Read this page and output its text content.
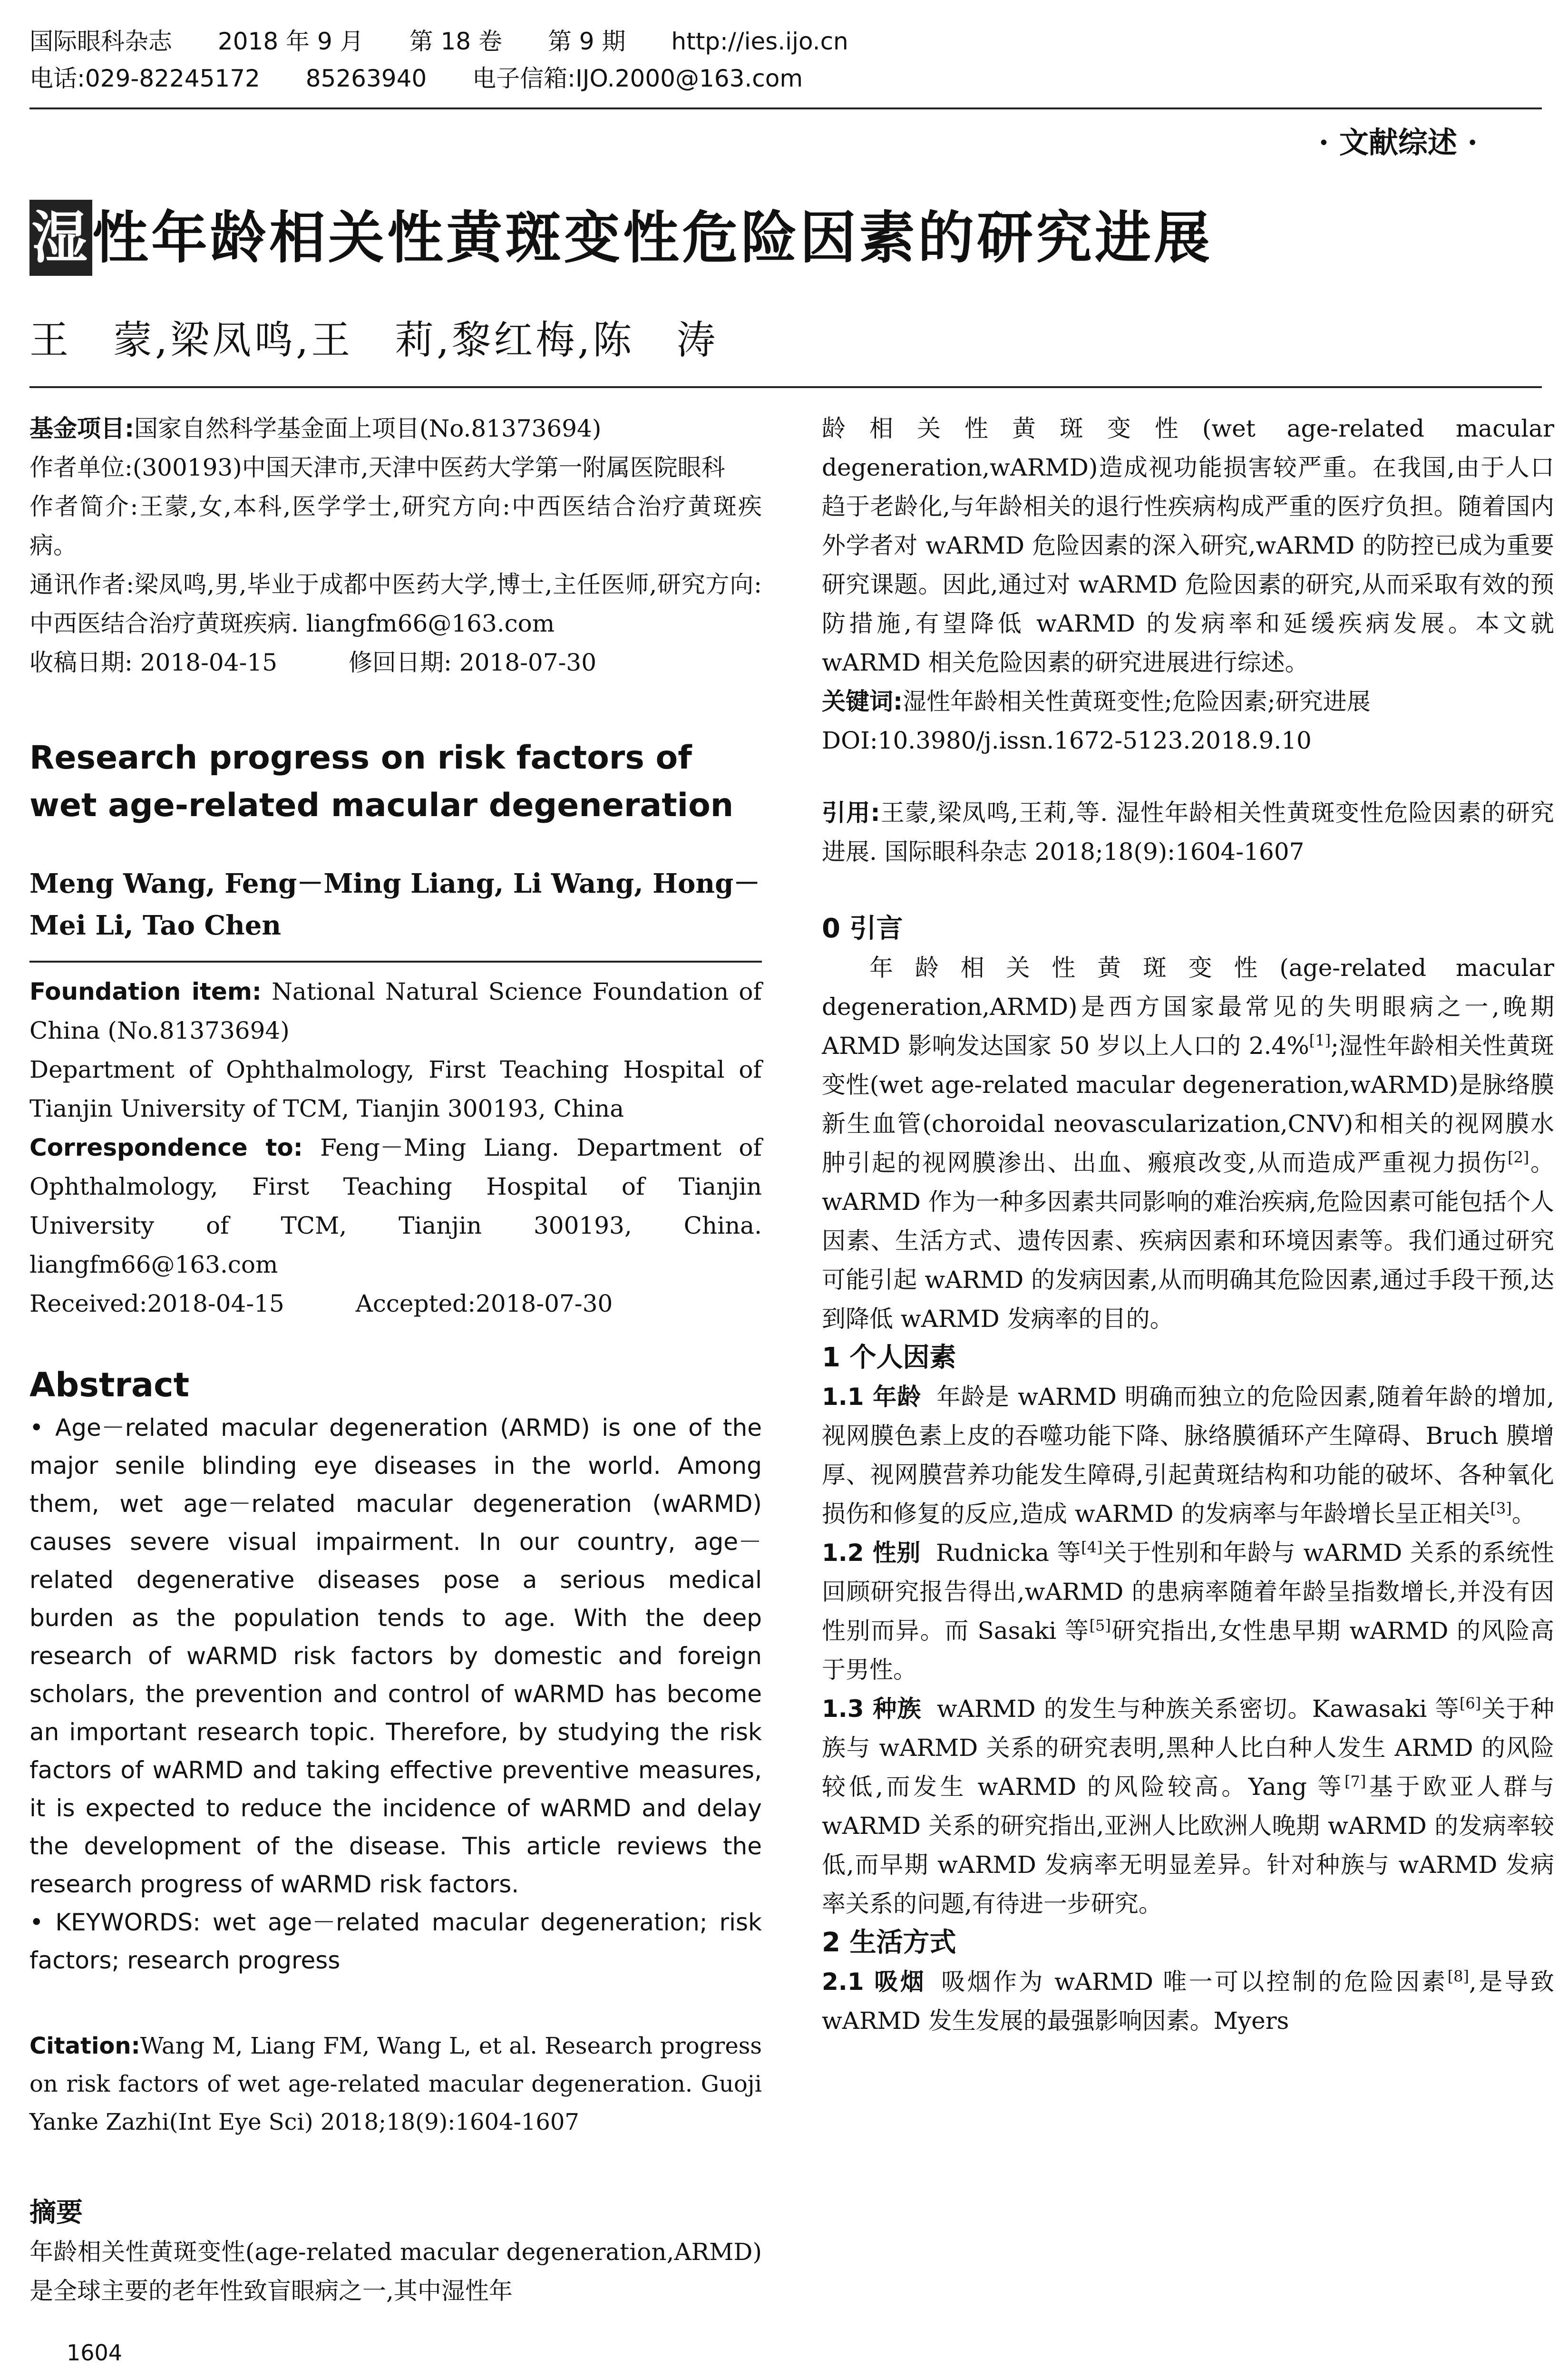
国际眼科杂志 2018 年 9 月 第 18 卷 第 9 期 http://ies.ijo.cn
电话:029-82245172 85263940 电子信箱:IJO.2000@163.com
· 文献综述 ·
湿性年龄相关性黄斑变性危险因素的研究进展
王　蒙,梁凤鸣,王　莉,黎红梅,陈　涛

基金项目:国家自然科学基金面上项目(No.81373694)

作者单位:(300193)中国天津市,天津中医药大学第一附属医院眼科

作者简介:王蒙,女,本科,医学学士,研究方向:中西医结合治疗黄斑疾病。

通讯作者:梁凤鸣,男,毕业于成都中医药大学,博士,主任医师,研究方向:中西医结合治疗黄斑疾病. liangfm66@163.com

收稿日期: 2018-04-15　　　修回日期: 2018-07-30

Research progress on risk factors of wet age-related macular degeneration

Meng Wang, Feng－Ming Liang, Li Wang, Hong－Mei Li, Tao Chen

Foundation item: National Natural Science Foundation of China (No.81373694)

Department of Ophthalmology, First Teaching Hospital of Tianjin University of TCM, Tianjin 300193, China

Correspondence to: Feng－Ming Liang. Department of Ophthalmology, First Teaching Hospital of Tianjin University of TCM, Tianjin 300193, China. liangfm66@163.com

Received:2018-04-15　　　Accepted:2018-07-30

Abstract

• Age－related macular degeneration (ARMD) is one of the major senile blinding eye diseases in the world. Among them, wet age－related macular degeneration (wARMD) causes severe visual impairment. In our country, age－related degenerative diseases pose a serious medical burden as the population tends to age. With the deep research of wARMD risk factors by domestic and foreign scholars, the prevention and control of wARMD has become an important research topic. Therefore, by studying the risk factors of wARMD and taking effective preventive measures, it is expected to reduce the incidence of wARMD and delay the development of the disease. This article reviews the research progress of wARMD risk factors.

• KEYWORDS: wet age－related macular degeneration; risk factors; research progress

Citation:Wang M, Liang FM, Wang L, et al. Research progress on risk factors of wet age-related macular degeneration. Guoji Yanke Zazhi(Int Eye Sci) 2018;18(9):1604-1607

摘要

年龄相关性黄斑变性(age-related macular degeneration,ARMD)是全球主要的老年性致盲眼病之一,其中湿性年

龄相关性黄斑变性(wet age-related macular degeneration,wARMD)造成视功能损害较严重。在我国,由于人口趋于老龄化,与年龄相关的退行性疾病构成严重的医疗负担。随着国内外学者对 wARMD 危险因素的深入研究,wARMD 的防控已成为重要研究课题。因此,通过对 wARMD 危险因素的研究,从而采取有效的预防措施,有望降低 wARMD 的发病率和延缓疾病发展。本文就 wARMD 相关危险因素的研究进展进行综述。

关键词:湿性年龄相关性黄斑变性;危险因素;研究进展

DOI:10.3980/j.issn.1672-5123.2018.9.10

引用:王蒙,梁凤鸣,王莉,等. 湿性年龄相关性黄斑变性危险因素的研究进展. 国际眼科杂志 2018;18(9):1604-1607

0 引言

年龄相关性黄斑变性(age-related macular degeneration,ARMD)是西方国家最常见的失明眼病之一,晚期 ARMD 影响发达国家 50 岁以上人口的 2.4%[1];湿性年龄相关性黄斑变性(wet age-related macular degeneration,wARMD)是脉络膜新生血管(choroidal neovascularization,CNV)和相关的视网膜水肿引起的视网膜渗出、出血、瘢痕改变,从而造成严重视力损伤[2]。wARMD 作为一种多因素共同影响的难治疾病,危险因素可能包括个人因素、生活方式、遗传因素、疾病因素和环境因素等。我们通过研究可能引起 wARMD 的发病因素,从而明确其危险因素,通过手段干预,达到降低 wARMD 发病率的目的。

1 个人因素

1.1 年龄 年龄是 wARMD 明确而独立的危险因素,随着年龄的增加,视网膜色素上皮的吞噬功能下降、脉络膜循环产生障碍、Bruch 膜增厚、视网膜营养功能发生障碍,引起黄斑结构和功能的破坏、各种氧化损伤和修复的反应,造成 wARMD 的发病率与年龄增长呈正相关[3]。

1.2 性别 Rudnicka 等[4]关于性别和年龄与 wARMD 关系的系统性回顾研究报告得出,wARMD 的患病率随着年龄呈指数增长,并没有因性别而异。而 Sasaki 等[5]研究指出,女性患早期 wARMD 的风险高于男性。

1.3 种族 wARMD 的发生与种族关系密切。Kawasaki 等[6]关于种族与 wARMD 关系的研究表明,黑种人比白种人发生 ARMD 的风险较低,而发生 wARMD 的风险较高。Yang 等[7]基于欧亚人群与 wARMD 关系的研究指出,亚洲人比欧洲人晚期 wARMD 的发病率较低,而早期 wARMD 发病率无明显差异。针对种族与 wARMD 发病率关系的问题,有待进一步研究。

2 生活方式

2.1 吸烟 吸烟作为 wARMD 唯一可以控制的危险因素[8],是导致 wARMD 发生发展的最强影响因素。Myers

1604
